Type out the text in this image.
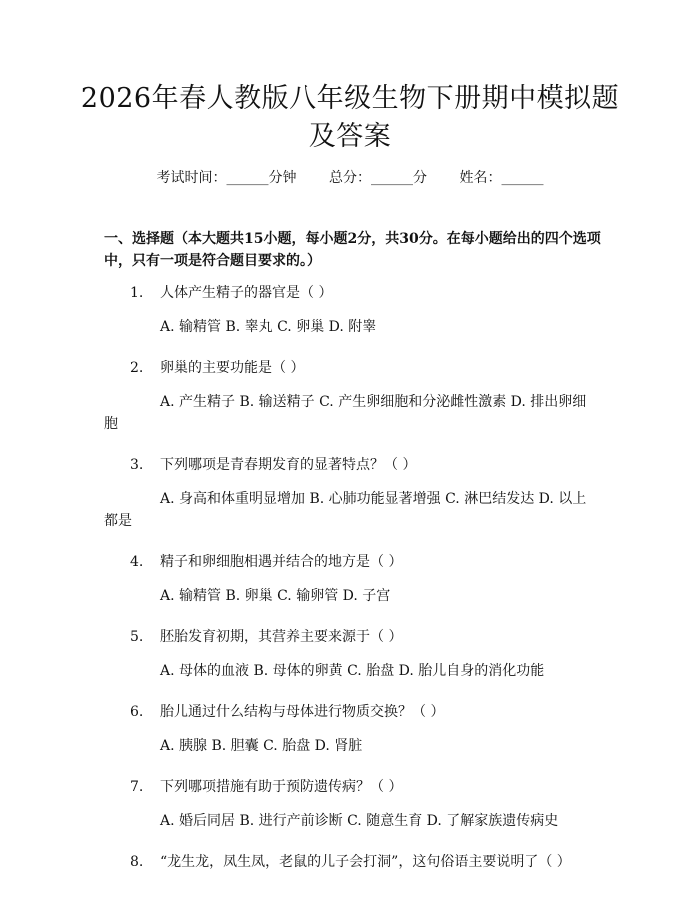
2026年春人教版八年级生物下册期中模拟题及答案
考试时间：______分钟 总分：______分 姓名：______
一、选择题（本大题共15小题，每小题2分，共30分。在每小题给出的四个选项中，只有一项是符合题目要求的。）
1.	人体产生精子的器官是（ ）
A. 输精管 B. 睾丸 C. 卵巢 D. 附睾
2.	卵巢的主要功能是（ ）
A. 产生精子 B. 输送精子 C. 产生卵细胞和分泌雌性激素 D. 排出卵细胞
3.	下列哪项是青春期发育的显著特点？（ ）
A. 身高和体重明显增加 B. 心肺功能显著增强 C. 淋巴结发达 D. 以上都是
4.	精子和卵细胞相遇并结合的地方是（ ）
A. 输精管 B. 卵巢 C. 输卵管 D. 子宫
5.	胚胎发育初期，其营养主要来源于（ ）
A. 母体的血液 B. 母体的卵黄 C. 胎盘 D. 胎儿自身的消化功能
6.	胎儿通过什么结构与母体进行物质交换？（ ）
A. 胰腺 B. 胆囊 C. 胎盘 D. 肾脏
7.	下列哪项措施有助于预防遗传病？（ ）
A. 婚后同居 B. 进行产前诊断 C. 随意生育 D. 了解家族遗传病史
8.	“龙生龙，凤生凤，老鼠的儿子会打洞”，这句俗语主要说明了（ ）
